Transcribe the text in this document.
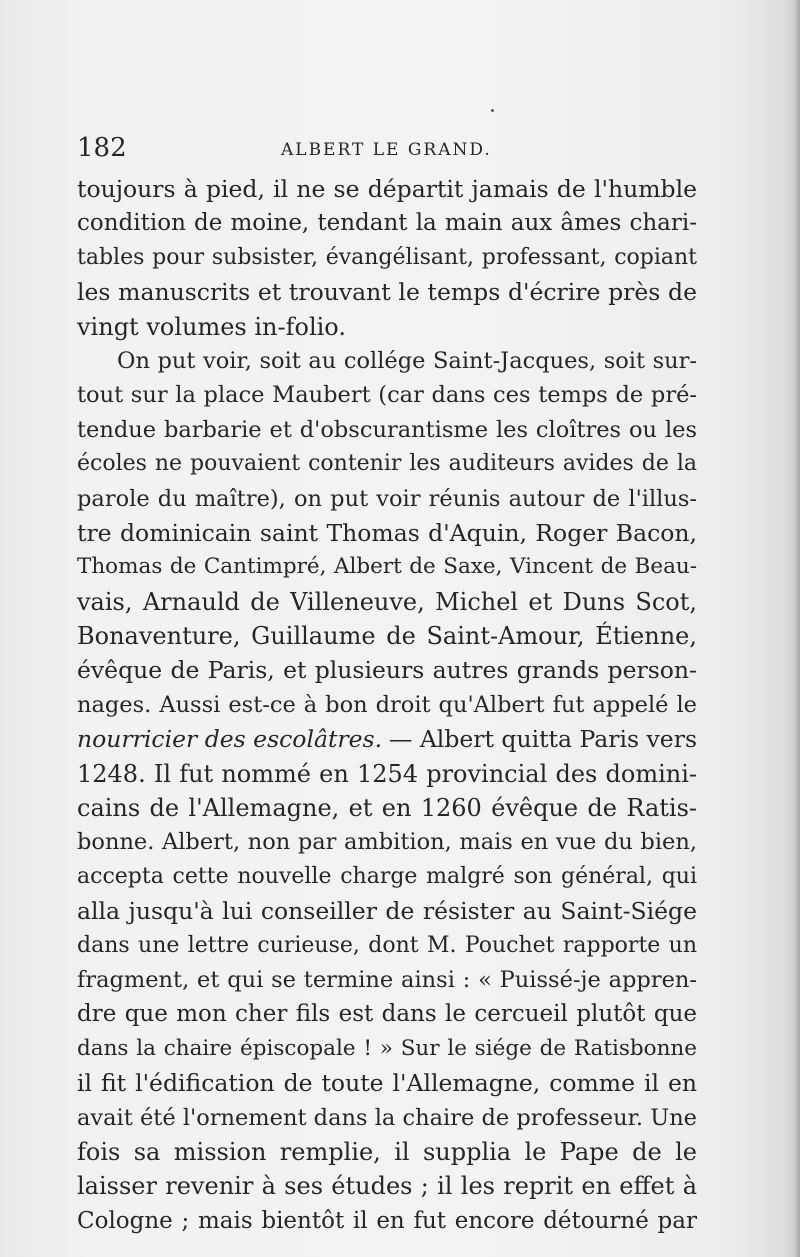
182	ALBERT LE GRAND.
toujours à pied, il ne se départit jamais de l'humble
condition de moine, tendant la main aux âmes chari-
tables pour subsister, évangélisant, professant, copiant
les manuscrits et trouvant le temps d'écrire près de
vingt volumes in-folio.
On put voir, soit au collége Saint-Jacques, soit sur-
tout sur la place Maubert (car dans ces temps de pré-
tendue barbarie et d'obscurantisme les cloîtres ou les
écoles ne pouvaient contenir les auditeurs avides de la
parole du maître), on put voir réunis autour de l'illus-
tre dominicain saint Thomas d'Aquin, Roger Bacon,
Thomas de Cantimpré, Albert de Saxe, Vincent de Beau-
vais, Arnauld de Villeneuve, Michel et Duns Scot,
Bonaventure, Guillaume de Saint-Amour, Étienne,
évêque de Paris, et plusieurs autres grands person-
nages. Aussi est-ce à bon droit qu'Albert fut appelé le
nourricier des escolâtres. — Albert quitta Paris vers
1248. Il fut nommé en 1254 provincial des domini-
cains de l'Allemagne, et en 1260 évêque de Ratis-
bonne. Albert, non par ambition, mais en vue du bien,
accepta cette nouvelle charge malgré son général, qui
alla jusqu'à lui conseiller de résister au Saint-Siége
dans une lettre curieuse, dont M. Pouchet rapporte un
fragment, et qui se termine ainsi : « Puissé-je appren-
dre que mon cher fils est dans le cercueil plutôt que
dans la chaire épiscopale ! » Sur le siége de Ratisbonne
il fit l'édification de toute l'Allemagne, comme il en
avait été l'ornement dans la chaire de professeur. Une
fois sa mission remplie, il supplia le Pape de le
laisser revenir à ses études ; il les reprit en effet à
Cologne ; mais bientôt il en fut encore détourné par
